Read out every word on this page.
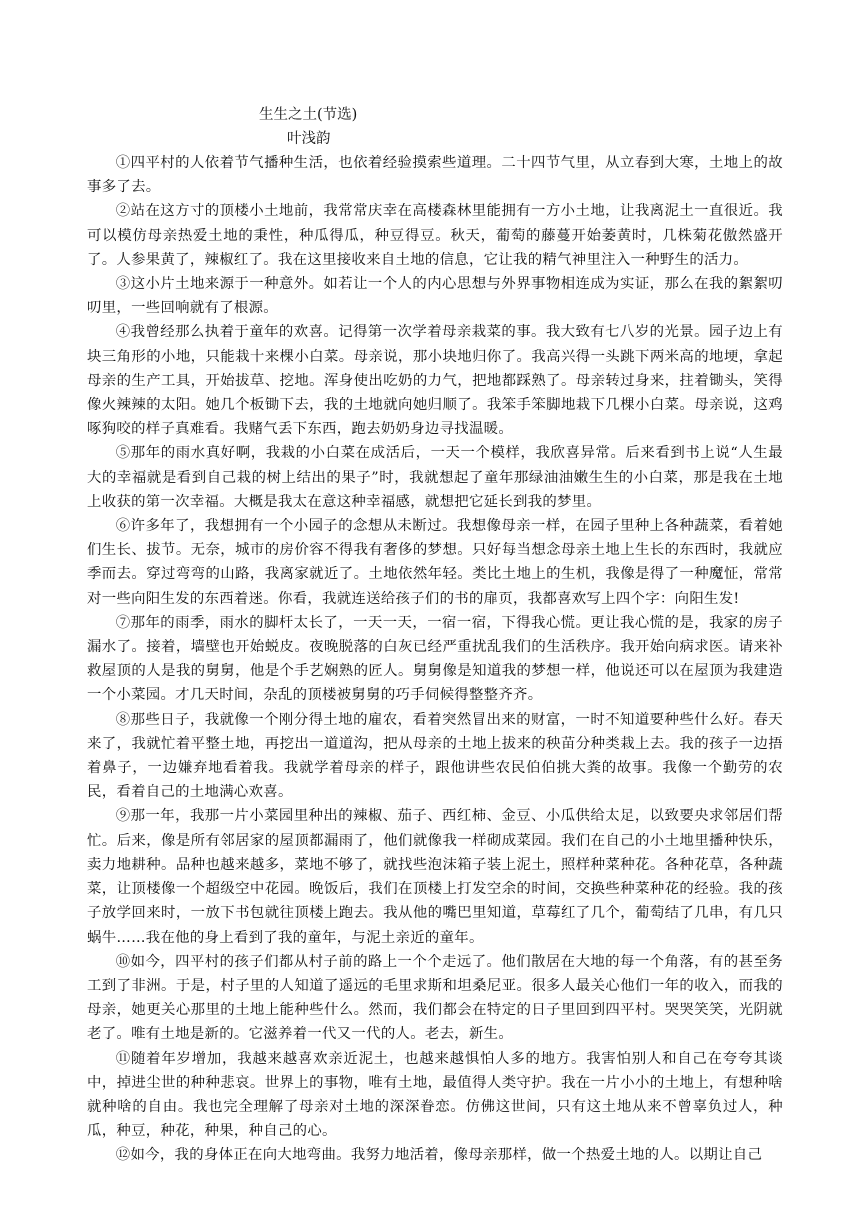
生生之土(节选)
叶浅韵

①四平村的人依着节气播种生活，也依着经验摸索些道理。二十四节气里，从立春到大寒，土地上的故事多了去。

②站在这方寸的顶楼小土地前，我常常庆幸在高楼森林里能拥有一方小土地，让我离泥土一直很近。我可以模仿母亲热爱土地的秉性，种瓜得瓜，种豆得豆。秋天，葡萄的藤蔓开始萎黄时，几株菊花傲然盛开了。人参果黄了，辣椒红了。我在这里接收来自土地的信息，它让我的精气神里注入一种野生的活力。

③这小片土地来源于一种意外。如若让一个人的内心思想与外界事物相连成为实证，那么在我的絮絮叨叨里，一些回响就有了根源。

④我曾经那么执着于童年的欢喜。记得第一次学着母亲栽菜的事。我大致有七八岁的光景。园子边上有块三角形的小地，只能栽十来棵小白菜。母亲说，那小块地归你了。我高兴得一头跳下两米高的地埂，拿起母亲的生产工具，开始拔草、挖地。浑身使出吃奶的力气，把地都踩熟了。母亲转过身来，拄着锄头，笑得像火辣辣的太阳。她几个板锄下去，我的土地就向她归顺了。我笨手笨脚地栽下几棵小白菜。母亲说，这鸡啄狗咬的样子真难看。我赌气丢下东西，跑去奶奶身边寻找温暖。

⑤那年的雨水真好啊，我栽的小白菜在成活后，一天一个模样，我欣喜异常。后来看到书上说“人生最大的幸福就是看到自己栽的树上结出的果子”时，我就想起了童年那绿油油嫩生生的小白菜，那是我在土地上收获的第一次幸福。大概是我太在意这种幸福感，就想把它延长到我的梦里。

⑥许多年了，我想拥有一个小园子的念想从未断过。我想像母亲一样，在园子里种上各种蔬菜，看着她们生长、拔节。无奈，城市的房价容不得我有奢侈的梦想。只好每当想念母亲土地上生长的东西时，我就应季而去。穿过弯弯的山路，我离家就近了。土地依然年轻。类比土地上的生机，我像是得了一种魔怔，常常对一些向阳生发的东西着迷。你看，我就连送给孩子们的书的扉页，我都喜欢写上四个字：向阳生发!

⑦那年的雨季，雨水的脚杆太长了，一天一天，一宿一宿，下得我心慌。更让我心慌的是，我家的房子漏水了。接着，墙壁也开始蜕皮。夜晚脱落的白灰已经严重扰乱我们的生活秩序。我开始向病求医。请来补救屋顶的人是我的舅舅，他是个手艺娴熟的匠人。舅舅像是知道我的梦想一样，他说还可以在屋顶为我建造一个小菜园。才几天时间，杂乱的顶楼被舅舅的巧手伺候得整整齐齐。

⑧那些日子，我就像一个刚分得土地的雇农，看着突然冒出来的财富，一时不知道要种些什么好。春天来了，我就忙着平整土地，再挖出一道道沟，把从母亲的土地上拔来的秧苗分种类栽上去。我的孩子一边捂着鼻子，一边嫌弃地看着我。我就学着母亲的样子，跟他讲些农民伯伯挑大粪的故事。我像一个勤劳的农民，看着自己的土地满心欢喜。

⑨那一年，我那一片小菜园里种出的辣椒、茄子、西红柿、金豆、小瓜供给太足，以致要央求邻居们帮忙。后来，像是所有邻居家的屋顶都漏雨了，他们就像我一样砌成菜园。我们在自己的小土地里播种快乐，卖力地耕种。品种也越来越多，菜地不够了，就找些泡沫箱子装上泥土，照样种菜种花。各种花草，各种蔬菜，让顶楼像一个超级空中花园。晚饭后，我们在顶楼上打发空余的时间，交换些种菜种花的经验。我的孩子放学回来时，一放下书包就往顶楼上跑去。我从他的嘴巴里知道，草莓红了几个，葡萄结了几串，有几只蜗牛……我在他的身上看到了我的童年，与泥土亲近的童年。

⑩如今，四平村的孩子们都从村子前的路上一个个走远了。他们散居在大地的每一个角落，有的甚至务工到了非洲。于是，村子里的人知道了遥远的毛里求斯和坦桑尼亚。很多人最关心他们一年的收入，而我的母亲，她更关心那里的土地上能种些什么。然而，我们都会在特定的日子里回到四平村。哭哭笑笑，光阴就老了。唯有土地是新的。它滋养着一代又一代的人。老去，新生。

⑪随着年岁增加，我越来越喜欢亲近泥土，也越来越惧怕人多的地方。我害怕别人和自己在夸夸其谈中，掉进尘世的种种悲哀。世界上的事物，唯有土地，最值得人类守护。我在一片小小的土地上，有想种啥就种啥的自由。我也完全理解了母亲对土地的深深眷恋。仿佛这世间，只有这土地从来不曾辜负过人，种瓜，种豆，种花，种果，种自己的心。

⑫如今，我的身体正在向大地弯曲。我努力地活着，像母亲那样，做一个热爱土地的人。以期让自己
